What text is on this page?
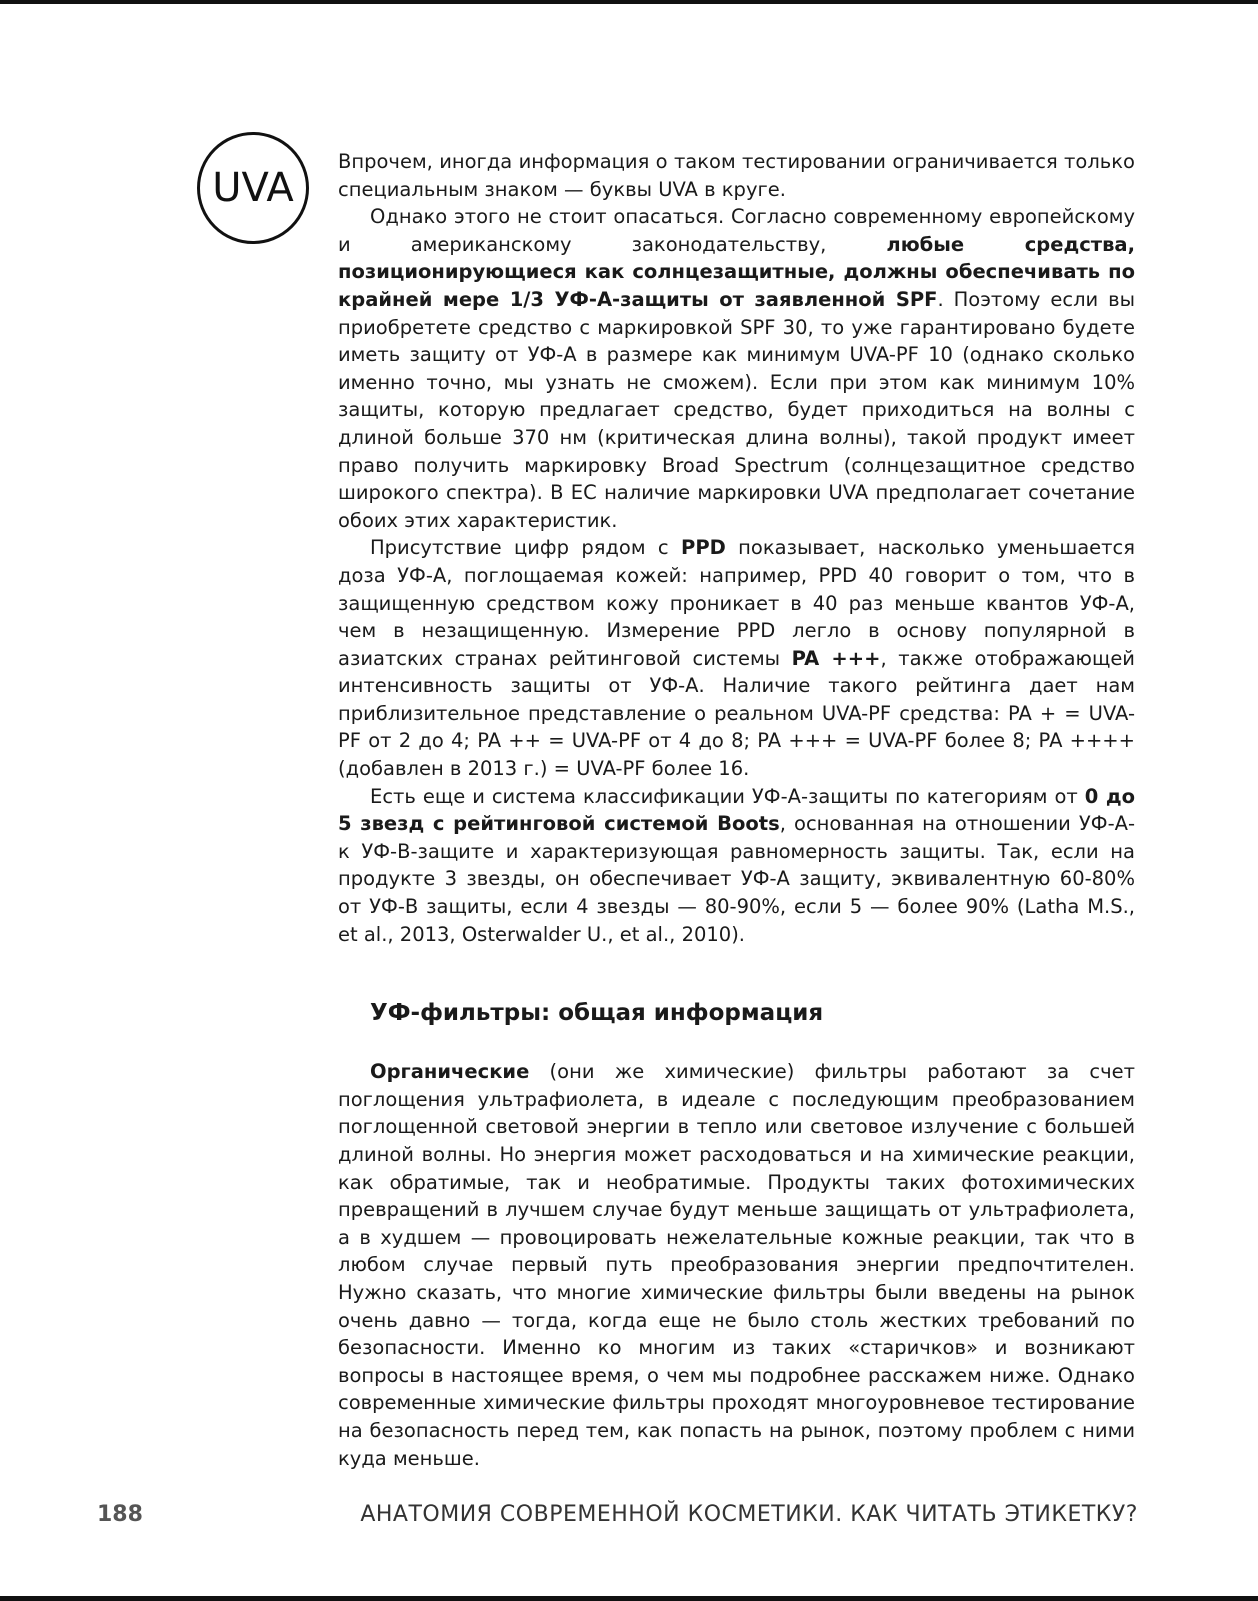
UVA

Впрочем, иногда информация о таком тестировании ограничивается только специальным знаком — буквы UVA в круге.

Однако этого не стоит опасаться. Согласно современному европейскому и американскому законодательству, любые средства, позиционирующиеся как солнцезащитные, должны обеспечивать по крайней мере 1/3 УФ-А-защиты от заявленной SPF. Поэтому если вы приобретете средство с маркировкой SPF 30, то уже гарантировано будете иметь защиту от УФ-А в размере как минимум UVA-PF 10 (однако сколько именно точно, мы узнать не сможем). Если при этом как минимум 10% защиты, которую предлагает средство, будет приходиться на волны с длиной больше 370 нм (критическая длина волны), такой продукт имеет право получить маркировку Broad Spectrum (солнцезащитное средство широкого спектра). В ЕС наличие маркировки UVA предполагает сочетание обоих этих характеристик.

Присутствие цифр рядом с PPD показывает, насколько уменьшается доза УФ-А, поглощаемая кожей: например, PPD 40 говорит о том, что в защищенную средством кожу проникает в 40 раз меньше квантов УФ-А, чем в незащищенную. Измерение PPD легло в основу популярной в азиатских странах рейтинговой системы PA +++, также отображающей интенсивность защиты от УФ-А. Наличие такого рейтинга дает нам приблизительное представление о реальном UVA-PF средства: PA + = UVA-PF от 2 до 4; PA ++ = UVA-PF от 4 до 8; PA +++ = UVA-PF более 8; PA ++++ (добавлен в 2013 г.) = UVA-PF более 16.

Есть еще и система классификации УФ-А-защиты по категориям от 0 до 5 звезд с рейтинговой системой Boots, основанная на отношении УФ-А- к УФ-В-защите и характеризующая равномерность защиты. Так, если на продукте 3 звезды, он обеспечивает УФ-А защиту, эквивалентную 60-80% от УФ-В защиты, если 4 звезды — 80-90%, если 5 — более 90% (Latha M.S., et al., 2013, Osterwalder U., et al., 2010).

УФ-фильтры: общая информация

Органические (они же химические) фильтры работают за счет поглощения ультрафиолета, в идеале с последующим преобразованием поглощенной световой энергии в тепло или световое излучение с большей длиной волны. Но энергия может расходоваться и на химические реакции, как обратимые, так и необратимые. Продукты таких фотохимических превращений в лучшем случае будут меньше защищать от ультрафиолета, а в худшем — провоцировать нежелательные кожные реакции, так что в любом случае первый путь преобразования энергии предпочтителен. Нужно сказать, что многие химические фильтры были введены на рынок очень давно — тогда, когда еще не было столь жестких требований по безопасности. Именно ко многим из таких «старичков» и возникают вопросы в настоящее время, о чем мы подробнее расскажем ниже. Однако современные химические фильтры проходят многоуровневое тестирование на безопасность перед тем, как попасть на рынок, поэтому проблем с ними куда меньше.

188	АНАТОМИЯ СОВРЕМЕННОЙ КОСМЕТИКИ. КАК ЧИТАТЬ ЭТИКЕТКУ?
